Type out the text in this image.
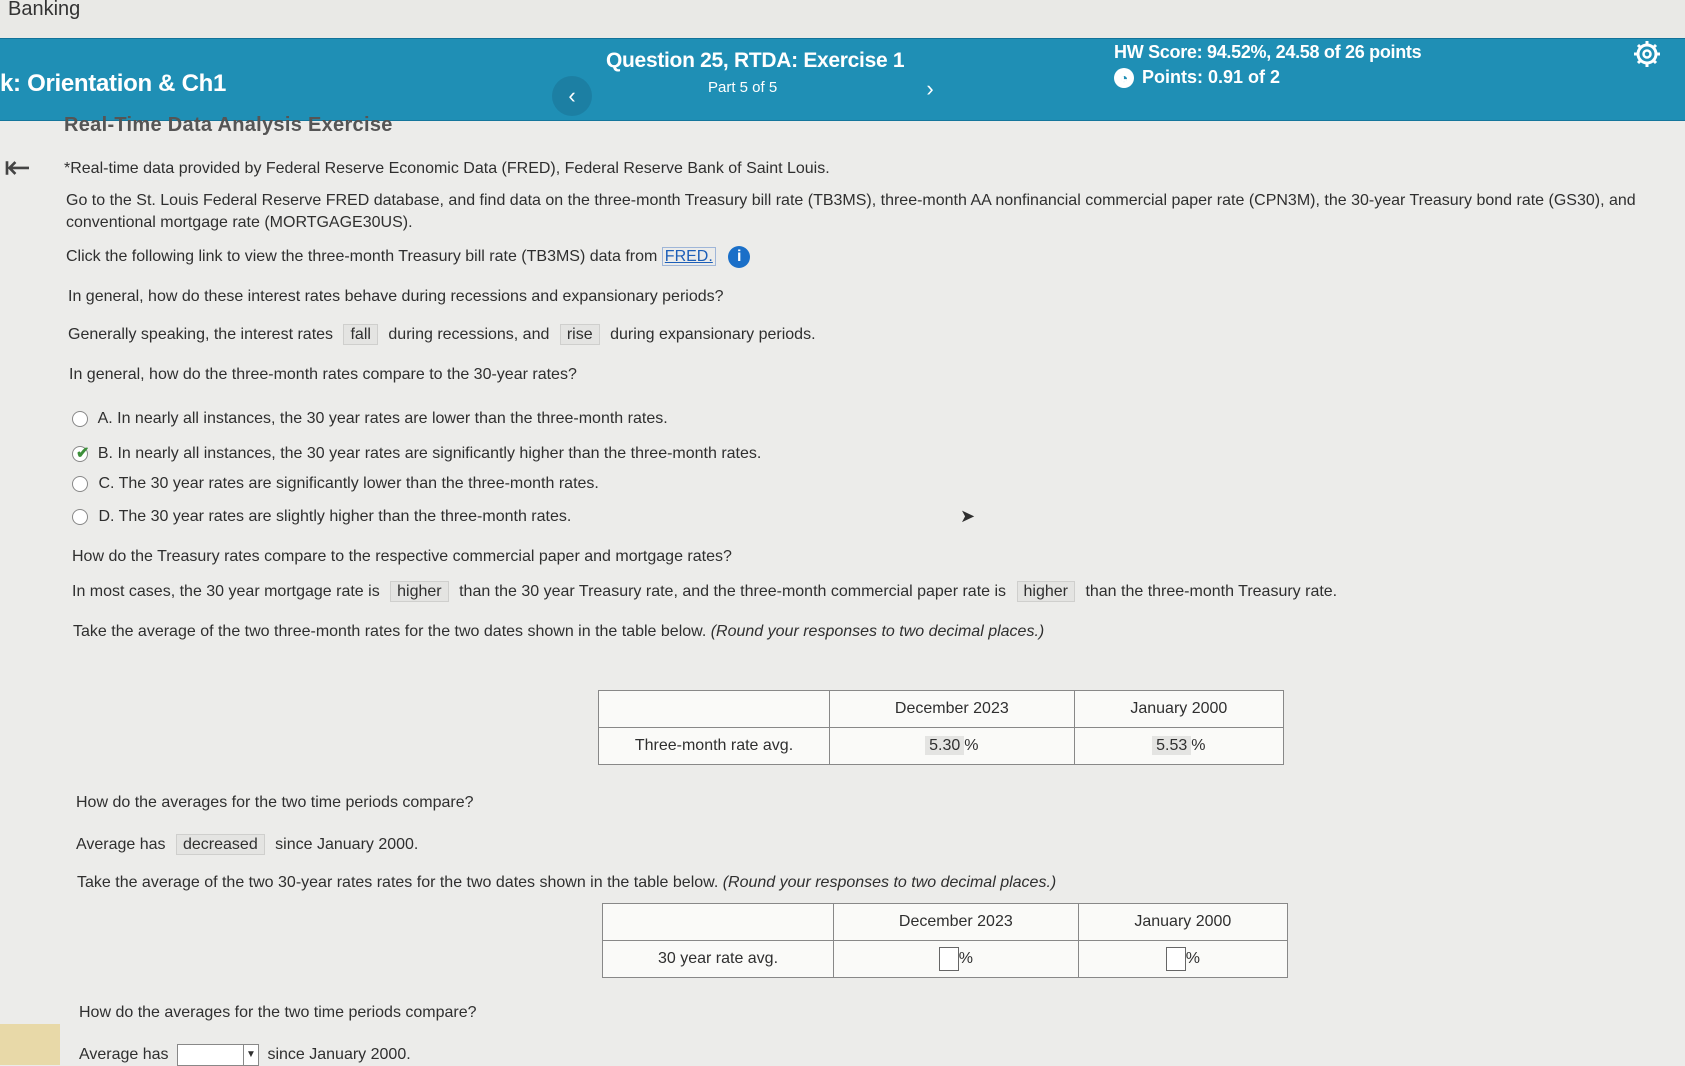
Banking
k: Orientation & Ch1	‹
Question 25, RTDA: Exercise 1
Part 5 of 5	›
HW Score: 94.52%, 24.58 of 26 points
◔ Points: 0.91 of 2
⇤
Real-Time Data Analysis Exercise
*Real-time data provided by Federal Reserve Economic Data (FRED), Federal Reserve Bank of Saint Louis.
Go to the St. Louis Federal Reserve FRED database, and find data on the three-month Treasury bill rate (TB3MS), three-month AA nonfinancial commercial paper rate (CPN3M), the 30-year Treasury bond rate (GS30), and
conventional mortgage rate (MORTGAGE30US).
Click the following link to view the three-month Treasury bill rate (TB3MS) data from FRED. i
In general, how do these interest rates behave during recessions and expansionary periods?
Generally speaking, the interest rates fall during recessions, and rise during expansionary periods.
In general, how do the three-month rates compare to the 30-year rates?
A. In nearly all instances, the 30 year rates are lower than the three-month rates.
✔ B. In nearly all instances, the 30 year rates are significantly higher than the three-month rates.
C. The 30 year rates are significantly lower than the three-month rates.
D. The 30 year rates are slightly higher than the three-month rates.	➤
How do the Treasury rates compare to the respective commercial paper and mortgage rates?
In most cases, the 30 year mortgage rate is higher than the 30 year Treasury rate, and the three-month commercial paper rate is higher than the three-month Treasury rate.
Take the average of the two three-month rates for the two dates shown in the table below. (Round your responses to two decimal places.)
	December 2023	January 2000
Three-month rate avg.	5.30 %	5.53 %
How do the averages for the two time periods compare?
Average has decreased since January 2000.
Take the average of the two 30-year rates rates for the two dates shown in the table below. (Round your responses to two decimal places.)
	December 2023	January 2000
30 year rate avg.	%	%
How do the averages for the two time periods compare?
Average has	▼ since January 2000.
